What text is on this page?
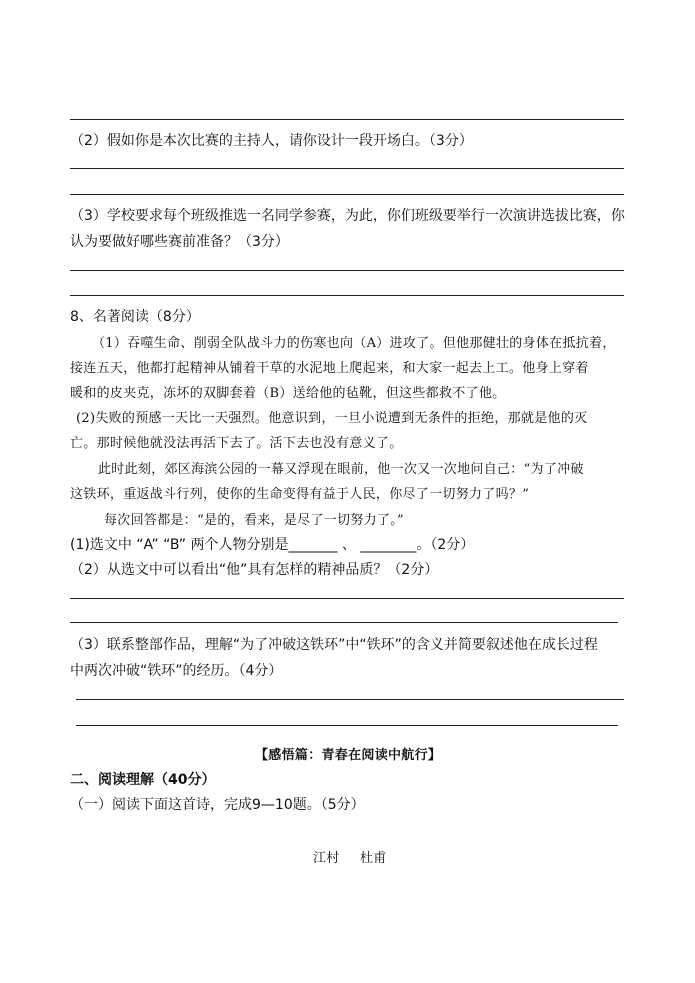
（2）假如你是本次比赛的主持人，请你设计一段开场白。（3分）
（3）学校要求每个班级推选一名同学参赛，为此，你们班级要举行一次演讲选拔比赛，你
认为要做好哪些赛前准备？（3分）
8、名著阅读（8分）
（1）吞噬生命、削弱全队战斗力的伤寒也向（A）进攻了。但他那健壮的身体在抵抗着，
接连五天，他都打起精神从铺着干草的水泥地上爬起来，和大家一起去上工。他身上穿着
暖和的皮夹克，冻坏的双脚套着（B）送给他的毡靴，但这些都救不了他。
(2)失败的预感一天比一天强烈。他意识到，一旦小说遭到无条件的拒绝，那就是他的灭
亡。那时候他就没法再活下去了。活下去也没有意义了。
此时此刻，郊区海滨公园的一幕又浮现在眼前，他一次又一次地问自己：“为了冲破
这铁环，重返战斗行列，使你的生命变得有益于人民，你尽了一切努力了吗？”
每次回答都是：“是的，看来，是尽了一切努力了。”
(1)选文中 “A” “B” 两个人物分别是_______ 、 ________。（2分）
（2）从选文中可以看出“他”具有怎样的精神品质？（2分）
（3）联系整部作品，理解“为了冲破这铁环”中“铁环”的含义并简要叙述他在成长过程
中两次冲破“铁环”的经历。（4分）
【感悟篇：青春在阅读中航行】
二、阅读理解（40分）
（一）阅读下面这首诗，完成9—10题。（5分）
江村 杜甫
